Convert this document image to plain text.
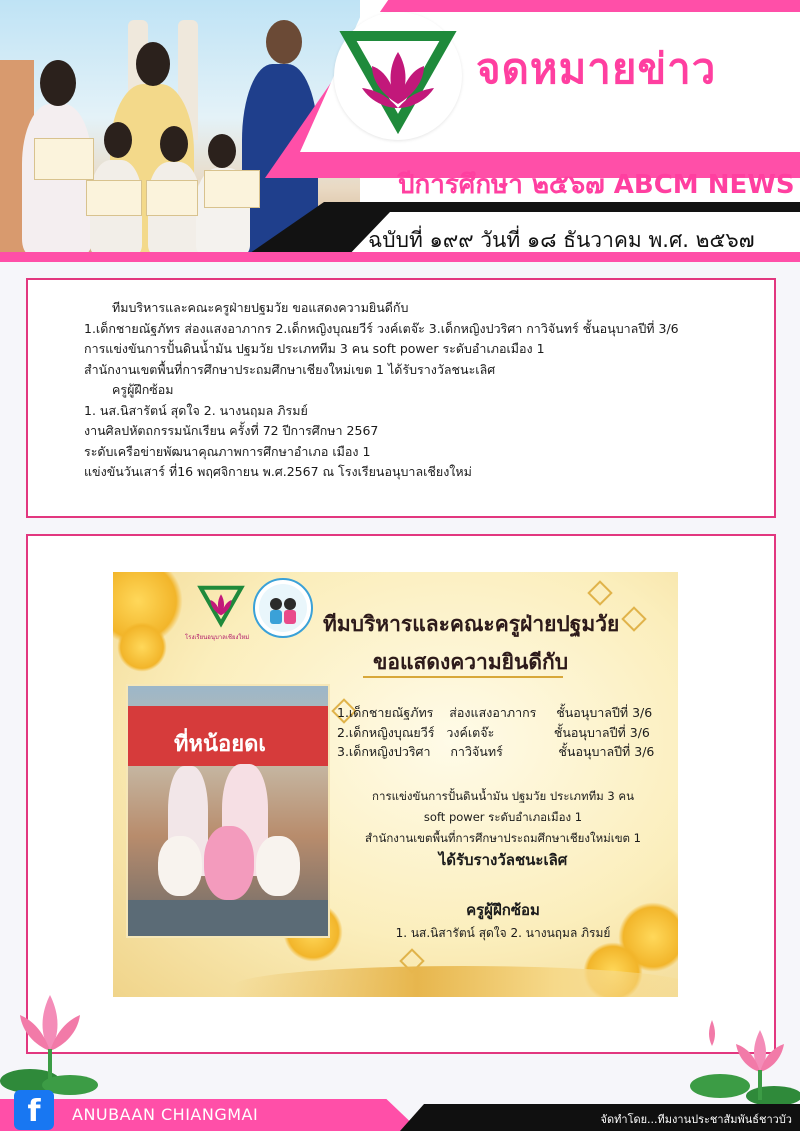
จดหมายข่าว
โรงเรียนอนุบาลเชียงใหม่
ปีการศึกษา ๒๕๖๗ ABCM NEWS
ฉบับที่ ๑๙๙ วันที่ ๑๘ ธันวาคม พ.ศ. ๒๕๖๗

ทีมบริหารและคณะครูฝ่ายปฐมวัย ขอแสดงความยินดีกับ

1.เด็กชายณัฐภัทร ส่องแสงอาภากร 2.เด็กหญิงบุณยวีร์ วงค์เตจ๊ะ 3.เด็กหญิงปวริศา กาวิจันทร์ ชั้นอนุบาลปีที่ 3/6

การแข่งขันการปั้นดินน้ำมัน ปฐมวัย ประเภททีม 3 คน soft power ระดับอำเภอเมือง 1

สำนักงานเขตพื้นที่การศึกษาประถมศึกษาเชียงใหม่เขต 1 ได้รับรางวัลชนะเลิศ

ครูผู้ฝึกซ้อม

1. นส.นิสารัตน์ สุดใจ 2. นางนฤมล ภิรมย์

งานศิลปหัตถกรรมนักเรียน ครั้งที่ 72 ปีการศึกษา 2567

ระดับเครือข่ายพัฒนาคุณภาพการศึกษาอำเภอ เมือง 1

แข่งขันวันเสาร์ ที่16 พฤศจิกายน พ.ศ.2567 ณ โรงเรียนอนุบาลเชียงใหม่

โรงเรียนอนุบาลเชียงใหม่
ทีมบริหารและคณะครูฝ่ายปฐมวัย
ขอแสดงความยินดีกับ
ที่หน้อยดเ
1.เด็กชายณัฐภัทร    ส่องแสงอาภากร     ชั้นอนุบาลปีที่ 3/6
2.เด็กหญิงบุณยวีร์   วงค์เตจ๊ะ               ชั้นอนุบาลปีที่ 3/6
3.เด็กหญิงปวริศา     กาวิจันทร์              ชั้นอนุบาลปีที่ 3/6
การแข่งขันการปั้นดินน้ำมัน ปฐมวัย ประเภททีม 3 คน
soft power ระดับอำเภอเมือง 1
สำนักงานเขตพื้นที่การศึกษาประถมศึกษาเชียงใหม่เขต 1
ได้รับรางวัลชนะเลิศ
ครูผู้ฝึกซ้อม
1. นส.นิสารัตน์ สุดใจ 2. นางนฤมล ภิรมย์
f	ANUBAAN CHIANGMAI	จัดทำโดย...ทีมงานประชาสัมพันธ์ชาวบัว
